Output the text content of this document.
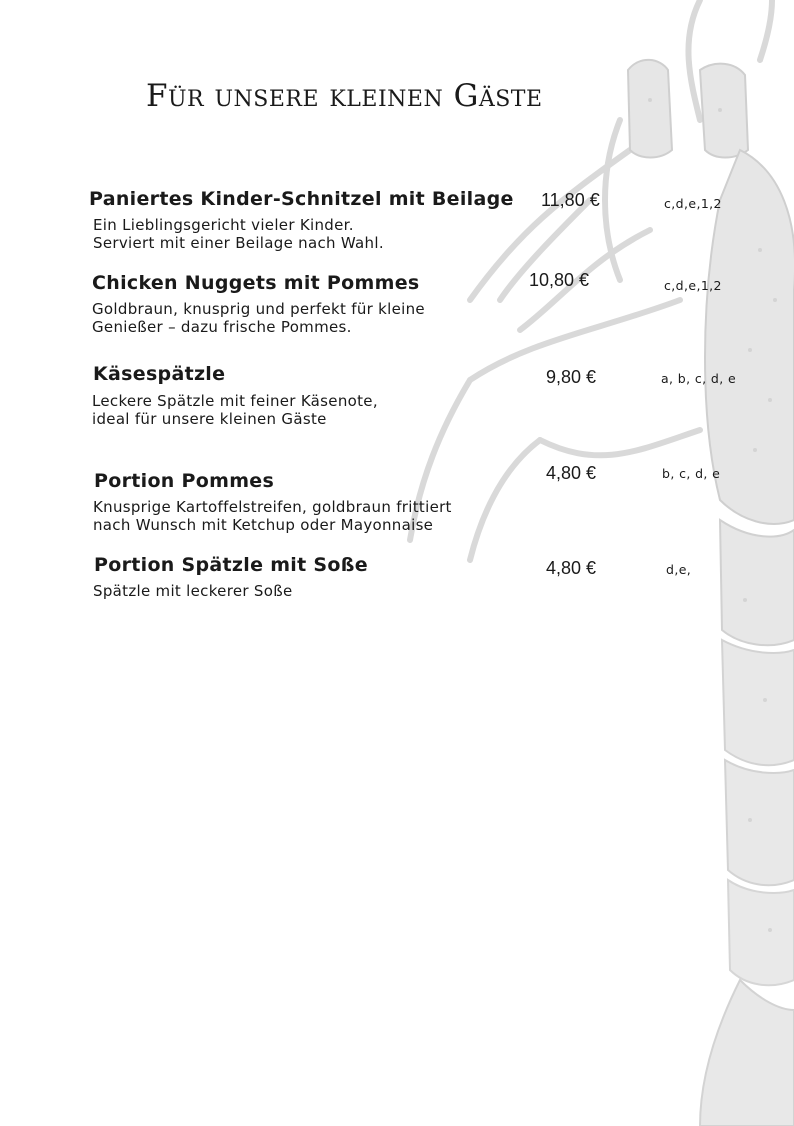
Für unsere kleinen Gäste
Paniertes Kinder-Schnitzel mit Beilage
Ein Lieblingsgericht vieler Kinder.
Serviert mit einer Beilage nach Wahl.
11,80 €	c,d,e,1,2
Chicken Nuggets mit Pommes
Goldbraun, knusprig und perfekt für kleine
Genießer – dazu frische Pommes.
10,80 €	c,d,e,1,2
Käsespätzle
Leckere Spätzle mit feiner Käsenote,
ideal für unsere kleinen Gäste
9,80 €	a, b, c, d, e
Portion Pommes
Knusprige Kartoffelstreifen, goldbraun frittiert
nach Wunsch mit Ketchup oder Mayonnaise
4,80 €	b, c, d, e
Portion Spätzle mit Soße
Spätzle mit leckerer Soße
4,80 €	d,e,
